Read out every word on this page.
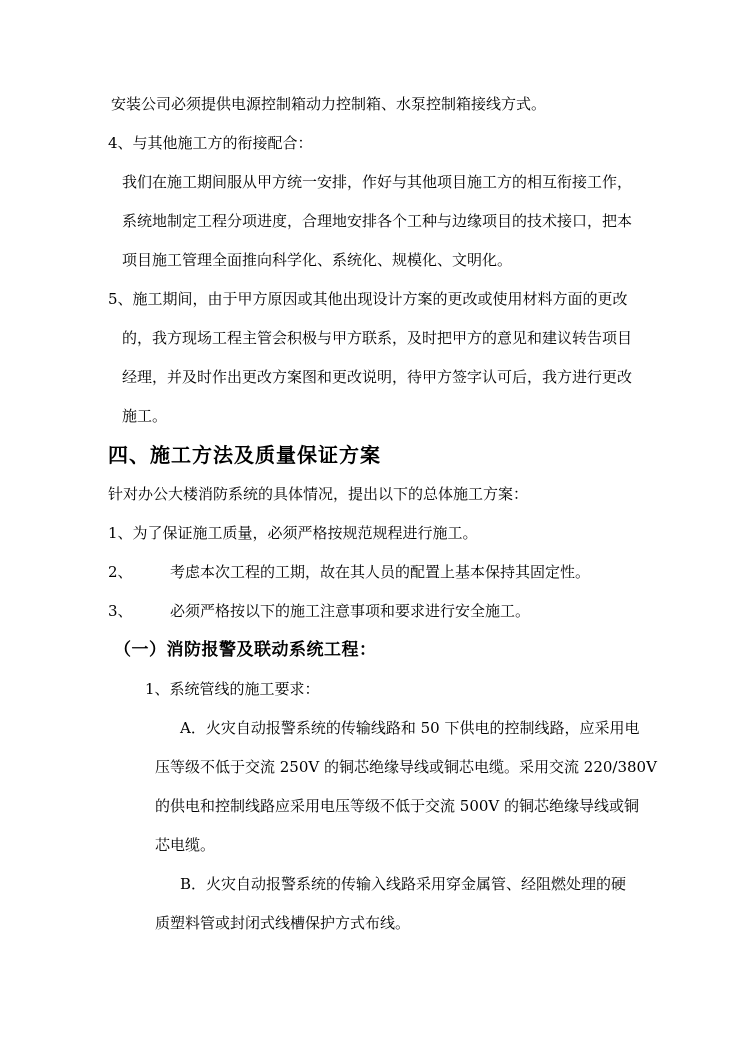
安装公司必须提供电源控制箱动力控制箱、水泵控制箱接线方式。
4、与其他施工方的衔接配合：
我们在施工期间服从甲方统一安排，作好与其他项目施工方的相互衔接工作，
系统地制定工程分项进度，合理地安排各个工种与边缘项目的技术接口，把本
项目施工管理全面推向科学化、系统化、规模化、文明化。
5、施工期间，由于甲方原因或其他出现设计方案的更改或使用材料方面的更改
的，我方现场工程主管会积极与甲方联系，及时把甲方的意见和建议转告项目
经理，并及时作出更改方案图和更改说明，待甲方签字认可后，我方进行更改
施工。
四、施工方法及质量保证方案
针对办公大楼消防系统的具体情况，提出以下的总体施工方案：
1、为了保证施工质量，必须严格按规范规程进行施工。
2、　　　考虑本次工程的工期，故在其人员的配置上基本保持其固定性。
3、　　　必须严格按以下的施工注意事项和要求进行安全施工。
（一）消防报警及联动系统工程：
1、系统管线的施工要求：
A．火灾自动报警系统的传输线路和 50 下供电的控制线路，应采用电
压等级不低于交流 250V 的铜芯绝缘导线或铜芯电缆。采用交流 220/380V
的供电和控制线路应采用电压等级不低于交流 500V 的铜芯绝缘导线或铜
芯电缆。
B．火灾自动报警系统的传输入线路采用穿金属管、经阻燃处理的硬
质塑料管或封闭式线槽保护方式布线。
